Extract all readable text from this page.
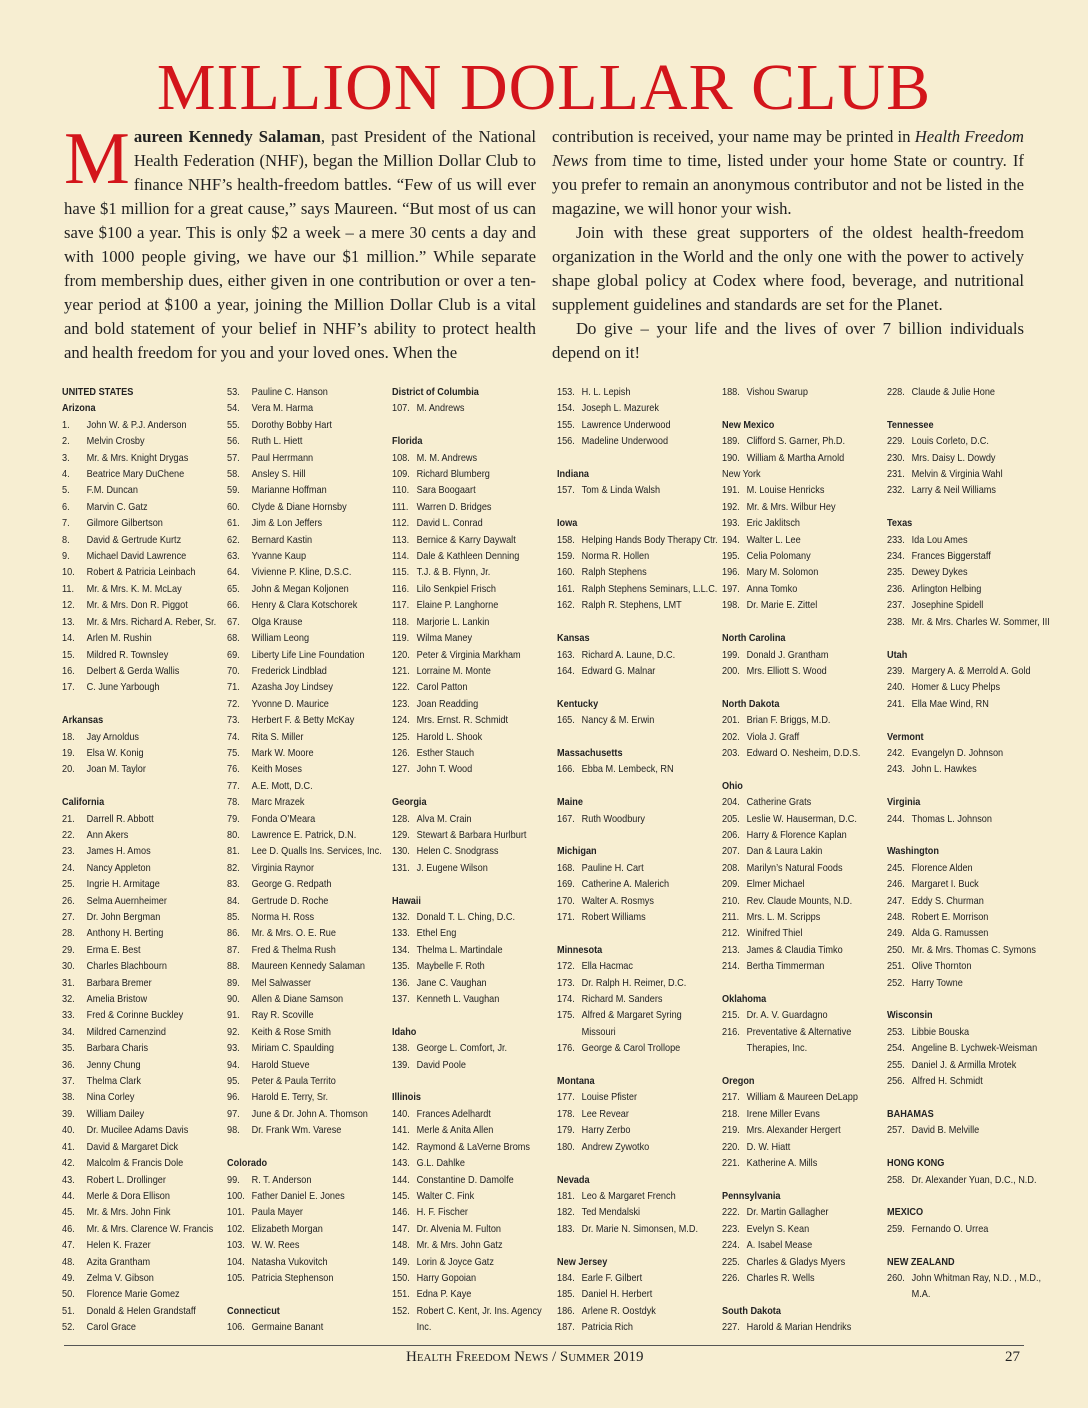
MILLION DOLLAR CLUB

Maureen Kennedy Salaman, past President of the National Health Federation (NHF), began the Million Dollar Club to finance NHF’s health-freedom battles. “Few of us will ever have $1 million for a great cause,” says Maureen. “But most of us can save $100 a year. This is only $2 a week – a mere 30 cents a day and with 1000 people giving, we have our $1 million.” While separate from membership dues, either given in one contribution or over a ten-year period at $100 a year, joining the Million Dollar Club is a vital and bold statement of your belief in NHF’s ability to protect health and health freedom for you and your loved ones. When the

contribution is received, your name may be printed in Health Freedom News from time to time, listed under your home State or country. If you prefer to remain an anonymous contributor and not be listed in the magazine, we will honor your wish.

Join with these great supporters of the oldest health-freedom organization in the World and the only one with the power to actively shape global policy at Codex where food, beverage, and nutritional supplement guidelines and standards are set for the Planet.

Do give – your life and the lives of over 7 billion individuals depend on it!

UNITED STATES
Arizona
1. John W. & P.J. Anderson
2. Melvin Crosby
3. Mr. & Mrs. Knight Drygas
4. Beatrice Mary DuChene
5. F.M. Duncan
6. Marvin C. Gatz
7. Gilmore Gilbertson
8. David & Gertrude Kurtz
9. Michael David Lawrence
10. Robert & Patricia Leinbach
11. Mr. & Mrs. K. M. McLay
12. Mr. & Mrs. Don R. Piggot
13. Mr. & Mrs. Richard A. Reber, Sr.
14. Arlen M. Rushin
15. Mildred R. Townsley
16. Delbert & Gerda Wallis
17. C. June Yarbough

Arkansas
18. Jay Arnoldus
19. Elsa W. Konig
20. Joan M. Taylor

California
21. Darrell R. Abbott
22. Ann Akers
23. James H. Amos
24. Nancy Appleton
25. Ingrie H. Armitage
26. Selma Auernheimer
27. Dr. John Bergman
28. Anthony H. Berting
29. Erma E. Best
30. Charles Blachbourn
31. Barbara Bremer
32. Amelia Bristow
33. Fred & Corinne Buckley
34. Mildred Carnenzind
35. Barbara Charis
36. Jenny Chung
37. Thelma Clark
38. Nina Corley
39. William Dailey
40. Dr. Mucilee Adams Davis
41. David & Margaret Dick
42. Malcolm & Francis Dole
43. Robert L. Drollinger
44. Merle & Dora Ellison
45. Mr. & Mrs. John Fink
46. Mr. & Mrs. Clarence W. Francis
47. Helen K. Frazer
48. Azita Grantham
49. Zelma V. Gibson
50. Florence Marie Gomez
51. Donald & Helen Grandstaff
52. Carol Grace
53. Pauline C. Hanson
54. Vera M. Harma
55. Dorothy Bobby Hart
56. Ruth L. Hiett
57. Paul Herrmann
58. Ansley S. Hill
59. Marianne Hoffman
60. Clyde & Diane Hornsby
61. Jim & Lon Jeffers
62. Bernard Kastin
63. Yvanne Kaup
64. Vivienne P. Kline, D.S.C.
65. John & Megan Koljonen
66. Henry & Clara Kotschorek
67. Olga Krause
68. William Leong
69. Liberty Life Line Foundation
70. Frederick Lindblad
71. Azasha Joy Lindsey
72. Yvonne D. Maurice
73. Herbert F. & Betty McKay
74. Rita S. Miller
75. Mark W. Moore
76. Keith Moses
77. A.E. Mott, D.C.
78. Marc Mrazek
79. Fonda O’Meara
80. Lawrence E. Patrick, D.N.
81. Lee D. Qualls Ins. Services, Inc.
82. Virginia Raynor
83. George G. Redpath
84. Gertrude D. Roche
85. Norma H. Ross
86. Mr. & Mrs. O. E. Rue
87. Fred & Thelma Rush
88. Maureen Kennedy Salaman
89. Mel Salwasser
90. Allen & Diane Samson
91. Ray R. Scoville
92. Keith & Rose Smith
93. Miriam C. Spaulding
94. Harold Stueve
95. Peter & Paula Territo
96. Harold E. Terry, Sr.
97. June & Dr. John A. Thomson
98. Dr. Frank Wm. Varese

Colorado
99. R. T. Anderson
100. Father Daniel E. Jones
101. Paula Mayer
102. Elizabeth Morgan
103. W. W. Rees
104. Natasha Vukovitch
105. Patricia Stephenson

Connecticut
106. Germaine Banant
District of Columbia
107. M. Andrews

Florida
108. M. M. Andrews
109. Richard Blumberg
110. Sara Boogaart
111. Warren D. Bridges
112. David L. Conrad
113. Bernice & Karry Daywalt
114. Dale & Kathleen Denning
115. T.J. & B. Flynn, Jr.
116. Lilo Senkpiel Frisch
117. Elaine P. Langhorne
118. Marjorie L. Lankin
119. Wilma Maney
120. Peter & Virginia Markham
121. Lorraine M. Monte
122. Carol Patton
123. Joan Readding
124. Mrs. Ernst. R. Schmidt
125. Harold L. Shook
126. Esther Stauch
127. John T. Wood

Georgia
128. Alva M. Crain
129. Stewart & Barbara Hurlburt
130. Helen C. Snodgrass
131. J. Eugene Wilson

Hawaii
132. Donald T. L. Ching, D.C.
133. Ethel Eng
134. Thelma L. Martindale
135. Maybelle F. Roth
136. Jane C. Vaughan
137. Kenneth L. Vaughan

Idaho
138. George L. Comfort, Jr.
139. David Poole

Illinois
140. Frances Adelhardt
141. Merle & Anita Allen
142. Raymond & LaVerne Broms
143. G.L. Dahlke
144. Constantine D. Damolfe
145. Walter C. Fink
146. H. F. Fischer
147. Dr. Alvenia M. Fulton
148. Mr. & Mrs. John Gatz
149. Lorin & Joyce Gatz
150. Harry Gopoian
151. Edna P. Kaye
152. Robert C. Kent, Jr. Ins. Agency
Inc.
153. H. L. Lepish
154. Joseph L. Mazurek
155. Lawrence Underwood
156. Madeline Underwood

Indiana
157. Tom & Linda Walsh

Iowa
158. Helping Hands Body Therapy Ctr.
159. Norma R. Hollen
160. Ralph Stephens
161. Ralph Stephens Seminars, L.L.C.
162. Ralph R. Stephens, LMT

Kansas
163. Richard A. Laune, D.C.
164. Edward G. Malnar

Kentucky
165. Nancy & M. Erwin

Massachusetts
166. Ebba M. Lembeck, RN

Maine
167. Ruth Woodbury

Michigan
168. Pauline H. Cart
169. Catherine A. Malerich
170. Walter A. Rosmys
171. Robert Williams

Minnesota
172. Ella Hacmac
173. Dr. Ralph H. Reimer, D.C.
174. Richard M. Sanders
175. Alfred & Margaret Syring
Missouri
176. George & Carol Trollope

Montana
177. Louise Pfister
178. Lee Revear
179. Harry Zerbo
180. Andrew Zywotko

Nevada
181. Leo & Margaret French
182. Ted Mendalski
183. Dr. Marie N. Simonsen, M.D.

New Jersey
184. Earle F. Gilbert
185. Daniel H. Herbert
186. Arlene R. Oostdyk
187. Patricia Rich
188. Vishou Swarup

New Mexico
189. Clifford S. Garner, Ph.D.
190. William & Martha Arnold
New York
191. M. Louise Henricks
192. Mr. & Mrs. Wilbur Hey
193. Eric Jaklitsch
194. Walter L. Lee
195. Celia Polomany
196. Mary M. Solomon
197. Anna Tomko
198. Dr. Marie E. Zittel

North Carolina
199. Donald J. Grantham
200. Mrs. Elliott S. Wood

North Dakota
201. Brian F. Briggs, M.D.
202. Viola J. Graff
203. Edward O. Nesheim, D.D.S.

Ohio
204. Catherine Grats
205. Leslie W. Hauserman, D.C.
206. Harry & Florence Kaplan
207. Dan & Laura Lakin
208. Marilyn’s Natural Foods
209. Elmer Michael
210. Rev. Claude Mounts, N.D.
211. Mrs. L. M. Scripps
212. Winifred Thiel
213. James & Claudia Timko
214. Bertha Timmerman

Oklahoma
215. Dr. A. V. Guardagno
216. Preventative & Alternative
Therapies, Inc.

Oregon
217. William & Maureen DeLapp
218. Irene Miller Evans
219. Mrs. Alexander Hergert
220. D. W. Hiatt
221. Katherine A. Mills

Pennsylvania
222. Dr. Martin Gallagher
223. Evelyn S. Kean
224. A. Isabel Mease
225. Charles & Gladys Myers
226. Charles R. Wells

South Dakota
227. Harold & Marian Hendriks
228. Claude & Julie Hone

Tennessee
229. Louis Corleto, D.C.
230. Mrs. Daisy L. Dowdy
231. Melvin & Virginia Wahl
232. Larry & Neil Williams

Texas
233. Ida Lou Ames
234. Frances Biggerstaff
235. Dewey Dykes
236. Arlington Helbing
237. Josephine Spidell
238. Mr. & Mrs. Charles W. Sommer, III

Utah
239. Margery A. & Merrold A. Gold
240. Homer & Lucy Phelps
241. Ella Mae Wind, RN

Vermont
242. Evangelyn D. Johnson
243. John L. Hawkes

Virginia
244. Thomas L. Johnson

Washington
245. Florence Alden
246. Margaret I. Buck
247. Eddy S. Churman
248. Robert E. Morrison
249. Alda G. Ramussen
250. Mr. & Mrs. Thomas C. Symons
251. Olive Thornton
252. Harry Towne

Wisconsin
253. Libbie Bouska
254. Angeline B. Lychwek-Weisman
255. Daniel J. & Armilla Mrotek
256. Alfred H. Schmidt

BAHAMAS
257. David B. Melville

HONG KONG
258. Dr. Alexander Yuan, D.C., N.D.

MEXICO
259. Fernando O. Urrea

NEW ZEALAND
260. John Whitman Ray, N.D. , M.D.,
M.A.
Health Freedom News / Summer 2019	27
